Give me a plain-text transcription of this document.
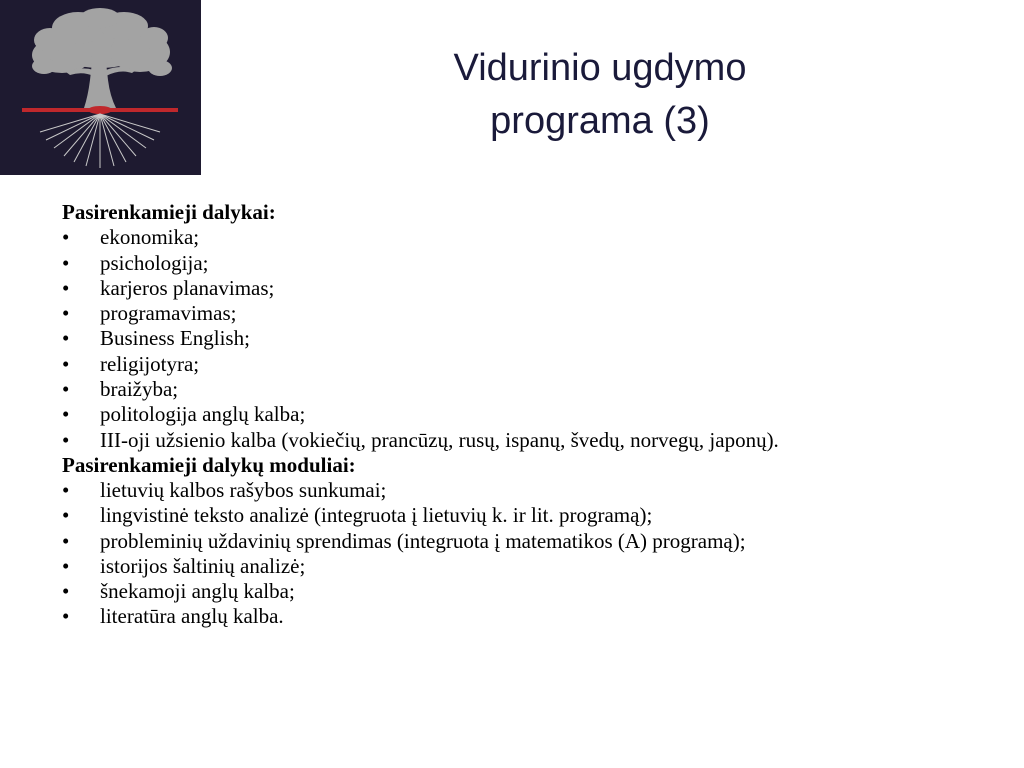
Vidurinio ugdymo
programa (3)

Pasirenkamieji dalykai:

• ekonomika;
• psichologija;
• karjeros planavimas;
• programavimas;
• Business English;
• religijotyra;
• braižyba;
• politologija anglų kalba;
• III-oji užsienio kalba (vokiečių, prancūzų, rusų, ispanų, švedų, norvegų, japonų).

Pasirenkamieji dalykų moduliai:

• lietuvių kalbos rašybos sunkumai;
• lingvistinė teksto analizė (integruota į lietuvių k. ir lit. programą);
• probleminių uždavinių sprendimas (integruota į matematikos (A) programą);
• istorijos šaltinių analizė;
• šnekamoji anglų kalba;
• literatūra anglų kalba.
